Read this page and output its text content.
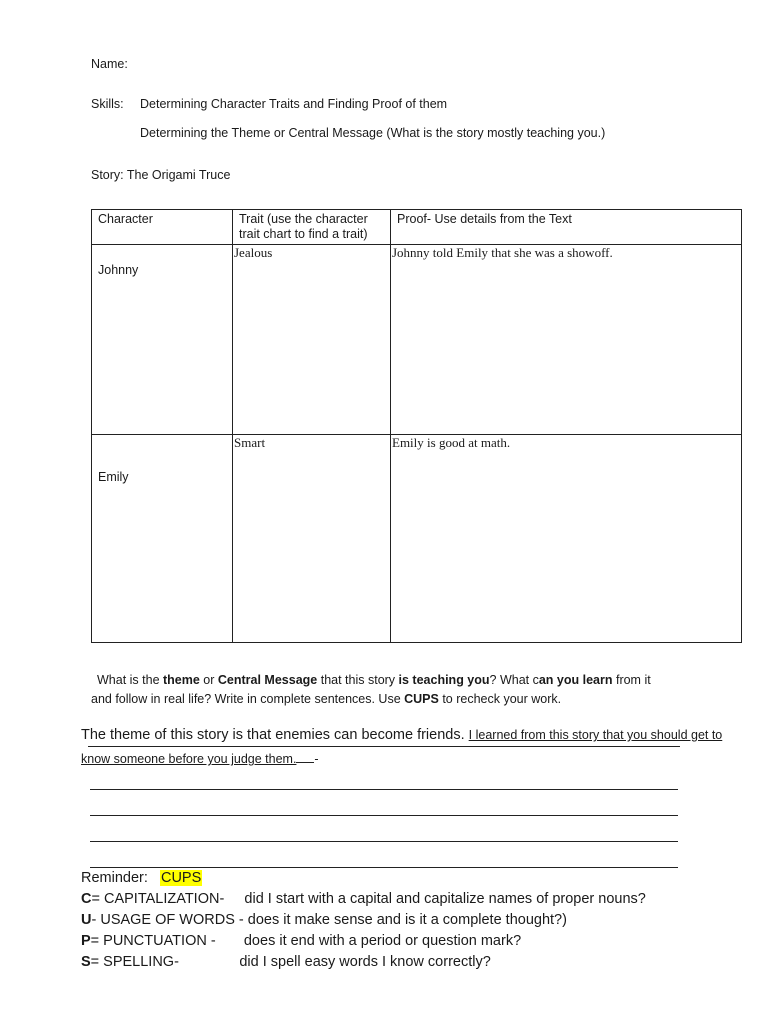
Name:
Skills: Determining Character Traits and Finding Proof of them
Determining the Theme or Central Message (What is the story mostly teaching you.)
Story: The Origami Truce
Character	Trait (use the character trait chart to find a trait)	Proof- Use details from the Text

Johnny	Jealous	Johnny told Emily that she was a showoff.

Emily	Smart	Emily is good at math.
What is the theme or Central Message that this story is teaching you? What can you learn from it
and follow in real life? Write in complete sentences. Use CUPS to recheck your work.
The theme of this story is that enemies can become friends. I learned from this story that you should get to
know someone before you judge them. -
Reminder:   CUPS
C= CAPITALIZATION-     did I start with a capital and capitalize names of proper nouns?
U- USAGE OF WORDS - does it make sense and is it a complete thought?)
P= PUNCTUATION -       does it end with a period or question mark?
S= SPELLING-               did I spell easy words I know correctly?
